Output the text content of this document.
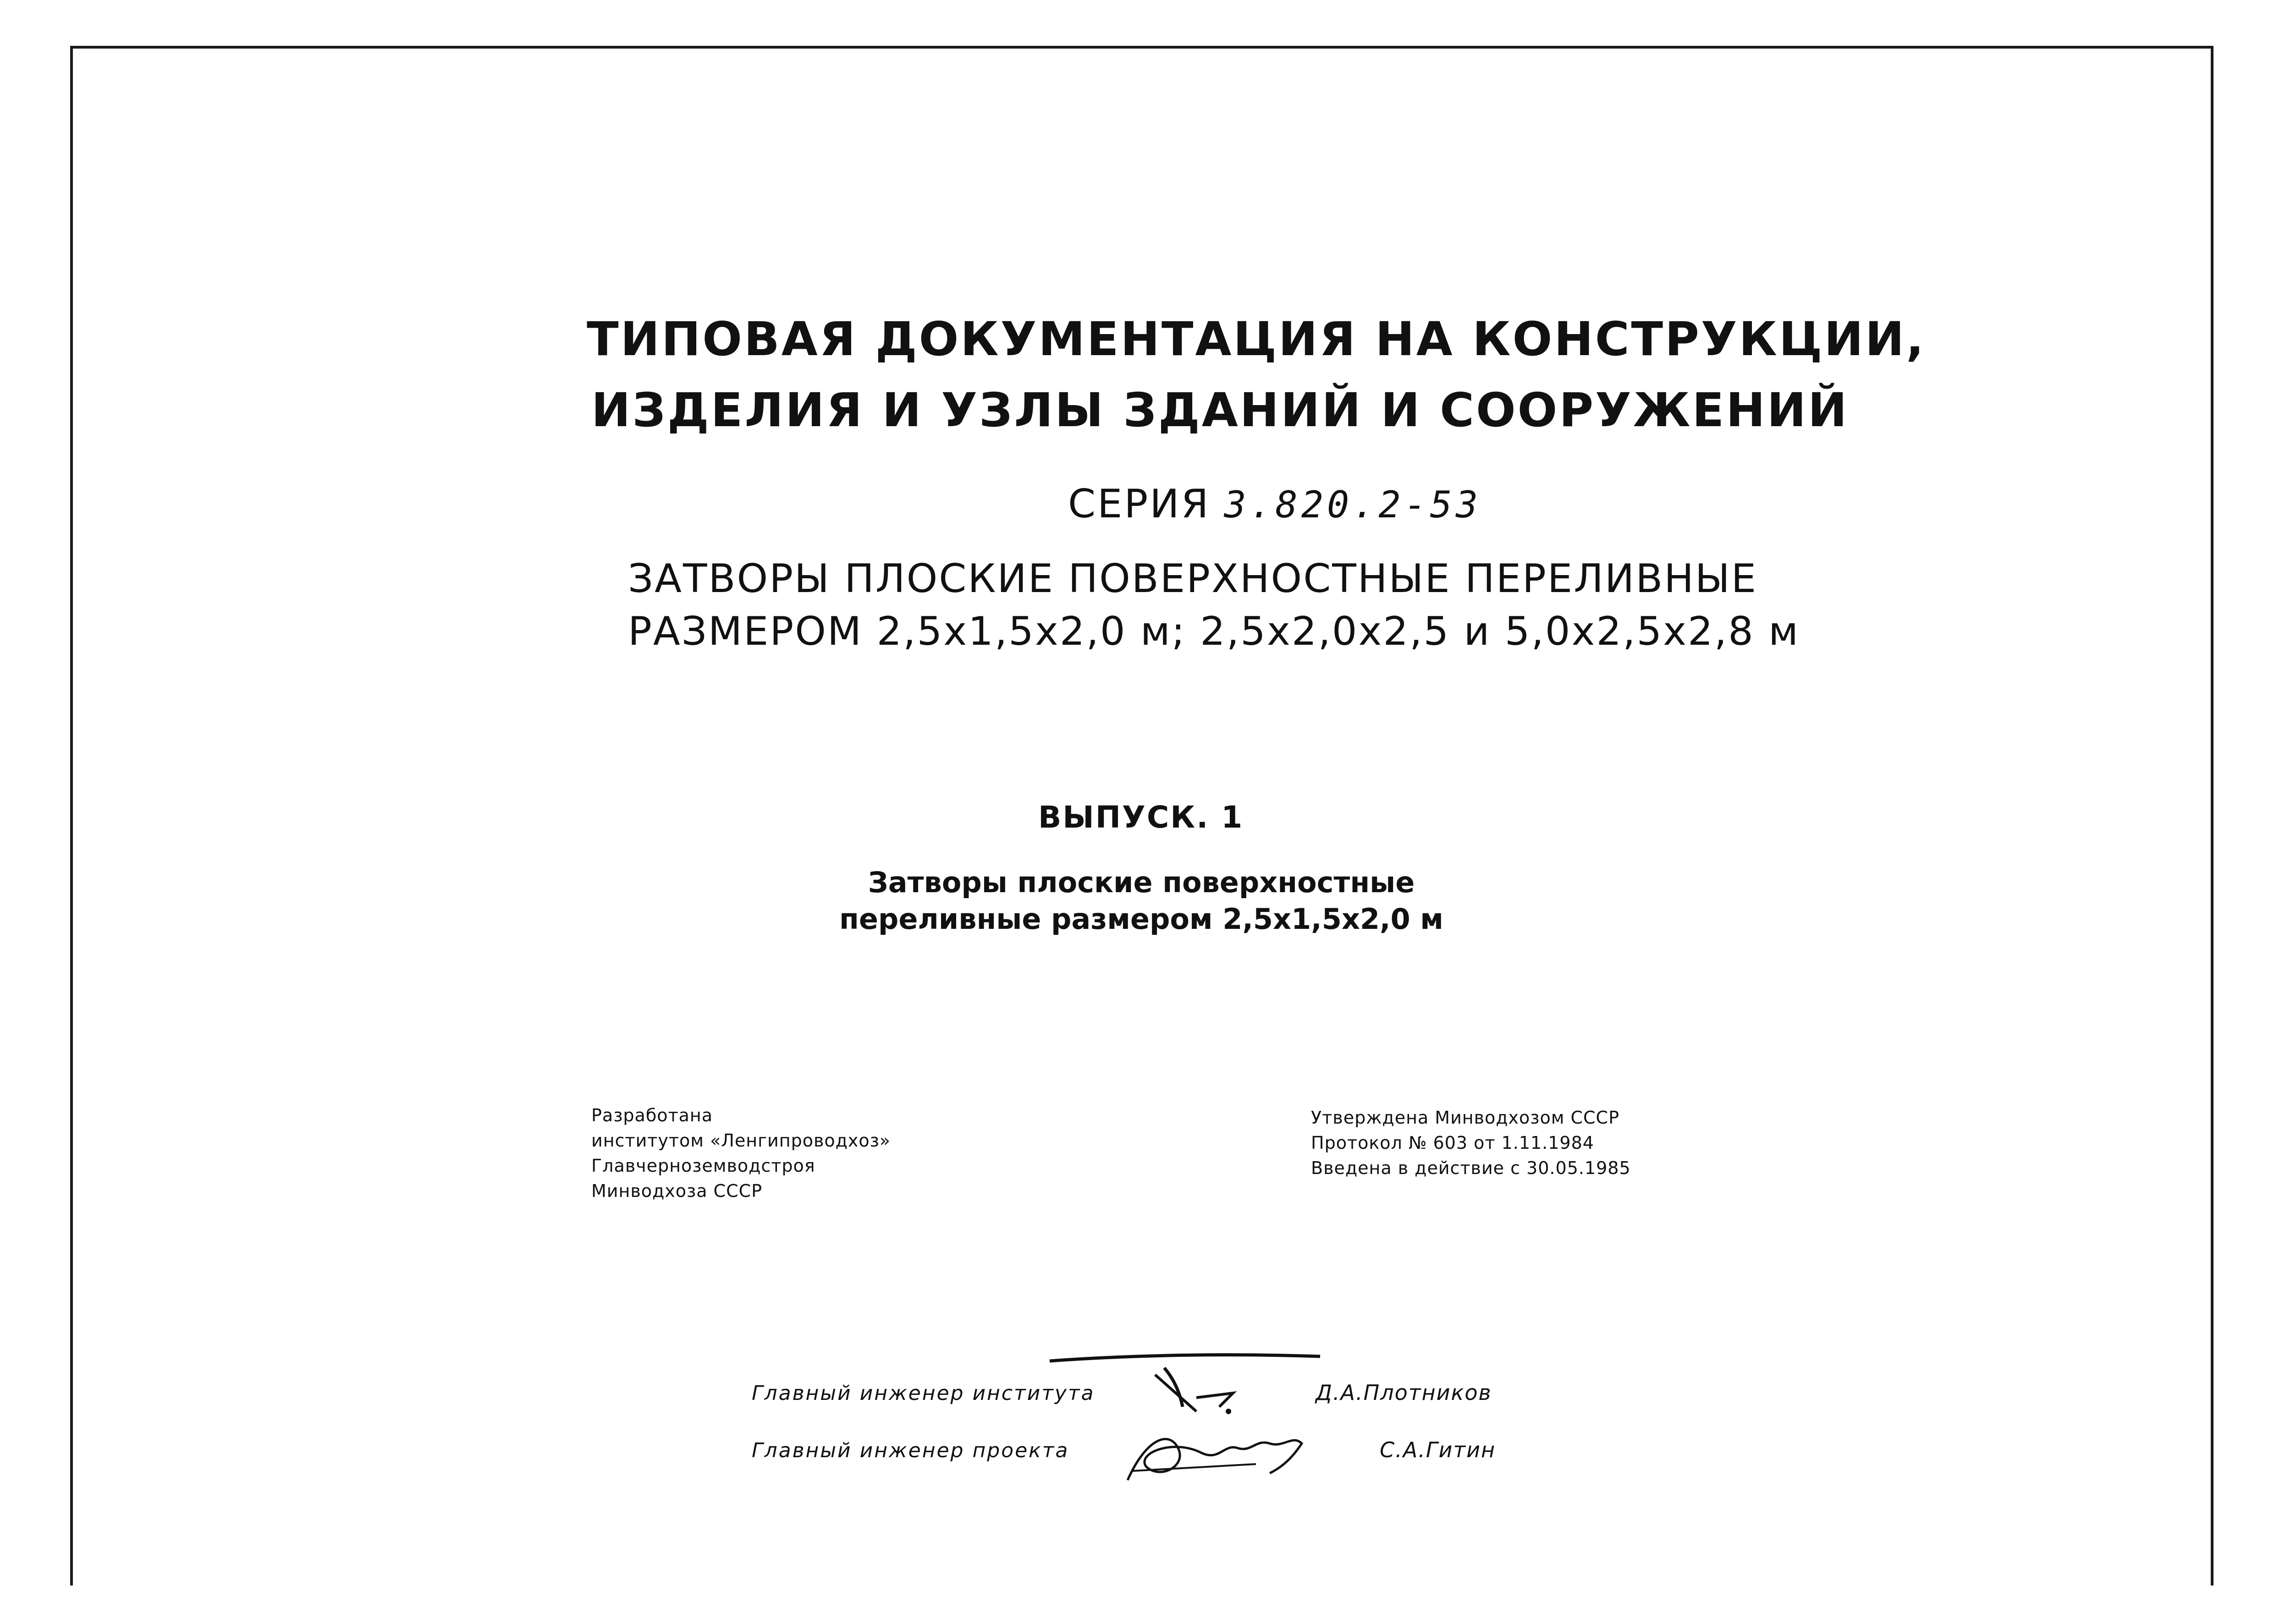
ТИПОВАЯ ДОКУМЕНТАЦИЯ НА КОНСТРУКЦИИ,
ИЗДЕЛИЯ И УЗЛЫ ЗДАНИЙ И СООРУЖЕНИЙ
СЕРИЯ 3.820.2-53
ЗАТВОРЫ ПЛОСКИЕ ПОВЕРХНОСТНЫЕ ПЕРЕЛИВНЫЕ
РАЗМЕРОМ 2,5х1,5х2,0 м; 2,5х2,0х2,5 и 5,0х2,5х2,8 м
ВЫПУСК. 1
Затворы плоские поверхностные
переливные размером 2,5х1,5х2,0 м
Разработана
институтом «Ленгипроводхоз»
Главчерноземводстроя
Минводхоза СССР
Утверждена Минводхозом СССР
Протокол № 603 от 1.11.1984
Введена в действие с 30.05.1985
Главный инженер института	Д.А.Плотников
Главный инженер проекта	С.А.Гитин
